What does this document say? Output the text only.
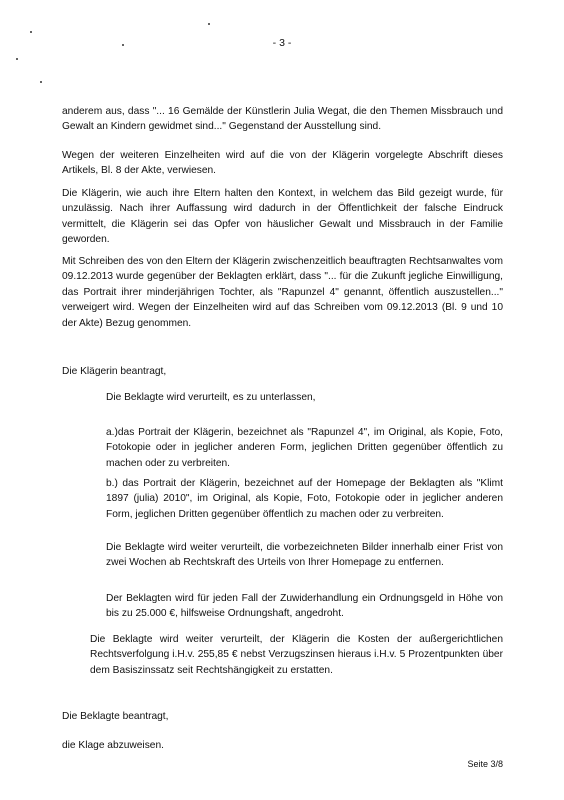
- 3 -
anderem aus, dass "... 16 Gemälde der Künstlerin Julia Wegat, die den Themen Missbrauch und Gewalt an Kindern gewidmet sind..." Gegenstand der Ausstellung sind.
Wegen der weiteren Einzelheiten wird auf die von der Klägerin vorgelegte Abschrift dieses Artikels, Bl. 8 der Akte, verwiesen.
Die Klägerin, wie auch ihre Eltern halten den Kontext, in welchem das Bild gezeigt wurde, für unzulässig. Nach ihrer Auffassung wird dadurch in der Öffentlichkeit der falsche Eindruck vermittelt, die Klägerin sei das Opfer von häuslicher Gewalt und Missbrauch in der Familie geworden.
Mit Schreiben des von den Eltern der Klägerin zwischenzeitlich beauftragten Rechtsanwaltes vom 09.12.2013 wurde gegenüber der Beklagten erklärt, dass "... für die Zukunft jegliche Einwilligung, das Portrait ihrer minderjährigen Tochter, als "Rapunzel 4" genannt, öffentlich auszustellen..." verweigert wird. Wegen der Einzelheiten wird auf das Schreiben vom 09.12.2013 (Bl. 9 und 10 der Akte) Bezug genommen.
Die Klägerin beantragt,
Die Beklagte wird verurteilt, es zu unterlassen,
a.)das Portrait der Klägerin, bezeichnet als "Rapunzel 4", im Original, als Kopie, Foto, Fotokopie oder in jeglicher anderen Form, jeglichen Dritten gegenüber öffentlich zu machen oder zu verbreiten.
b.) das Portrait der Klägerin, bezeichnet auf der Homepage der Beklagten als "Klimt 1897 (julia) 2010", im Original, als Kopie, Foto, Fotokopie oder in jeglicher anderen Form, jeglichen Dritten gegenüber öffentlich zu machen oder zu verbreiten.
Die Beklagte wird weiter verurteilt, die vorbezeichneten Bilder innerhalb einer Frist von zwei Wochen ab Rechtskraft des Urteils von Ihrer Homepage zu entfernen.
Der Beklagten wird für jeden Fall der Zuwiderhandlung ein Ordnungsgeld in Höhe von bis zu 25.000 €, hilfsweise Ordnungshaft, angedroht.
Die Beklagte wird weiter verurteilt, der Klägerin die Kosten der außergerichtlichen Rechtsverfolgung i.H.v. 255,85 € nebst Verzugszinsen hieraus i.H.v. 5 Prozentpunkten über dem Basiszinssatz seit Rechtshängigkeit zu erstatten.
Die Beklagte beantragt,
die Klage abzuweisen.
Seite 3/8
